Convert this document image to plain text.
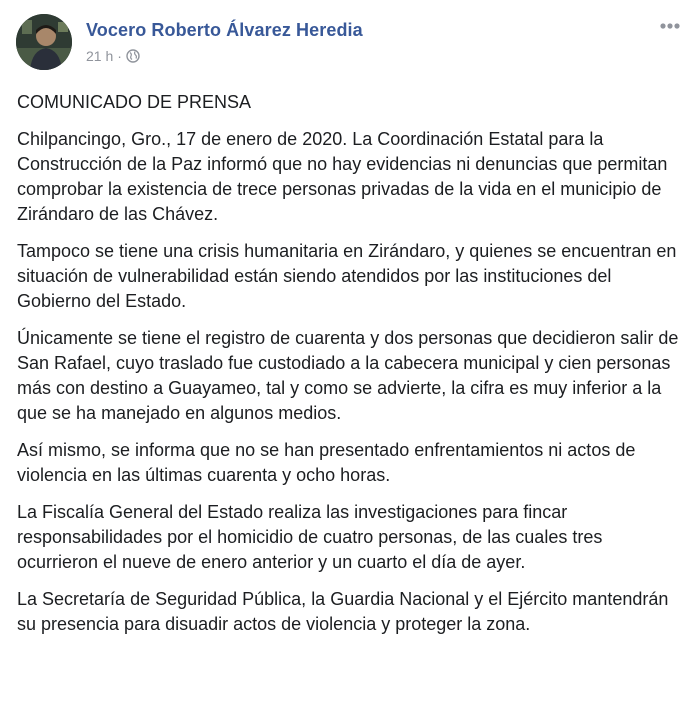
Vocero Roberto Álvarez Heredia
21 h ·

COMUNICADO DE PRENSA

Chilpancingo, Gro., 17 de enero de 2020. La Coordinación Estatal para la Construcción de la Paz informó que no hay evidencias ni denuncias que permitan comprobar la existencia de trece personas privadas de la vida en el municipio de Zirándaro de las Chávez.

Tampoco se tiene una crisis humanitaria en Zirándaro, y quienes se encuentran en situación de vulnerabilidad están siendo atendidos por las instituciones del Gobierno del Estado.

Únicamente se tiene el registro de cuarenta y dos personas que decidieron salir de San Rafael, cuyo traslado fue custodiado a la cabecera municipal y cien personas más con destino a Guayameo, tal y como se advierte, la cifra es muy inferior a la que se ha manejado en algunos medios.

Así mismo, se informa que no se han presentado enfrentamientos ni actos de violencia en las últimas cuarenta y ocho horas.

La Fiscalía General del Estado realiza las investigaciones para fincar responsabilidades por el homicidio de cuatro personas, de las cuales tres ocurrieron el nueve de enero anterior y un cuarto el día de ayer.

La Secretaría de Seguridad Pública, la Guardia Nacional y el Ejército mantendrán su presencia para disuadir actos de violencia y proteger la zona.
